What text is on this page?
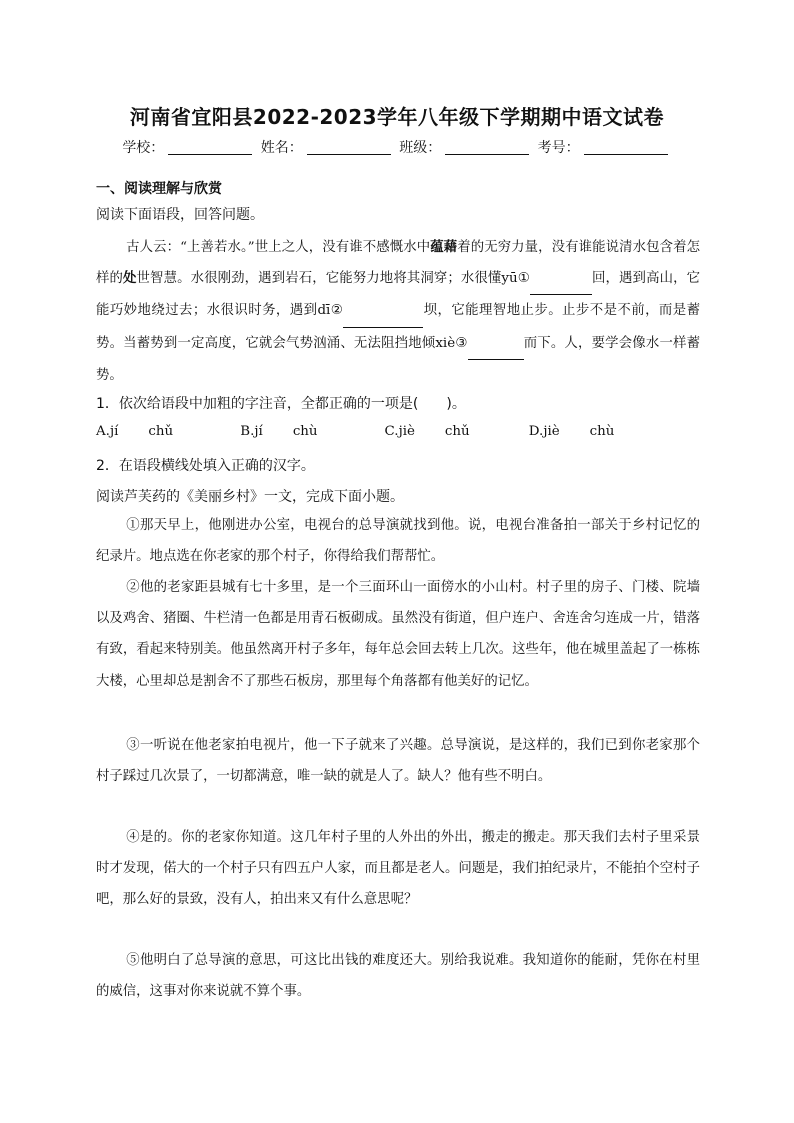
河南省宜阳县2022-2023学年八年级下学期期中语文试卷
学校：	姓名：	班级：	考号：
一、阅读理解与欣赏
阅读下面语段，回答问题。
古人云：“上善若水。”世上之人，没有谁不感慨水中蕴藉着的无穷力量，没有谁能说清水包含着怎样的处世智慧。水很刚劲，遇到岩石，它能努力地将其洞穿；水很懂yū①	回，遇到高山，它能巧妙地绕过去；水很识时务，遇到dī②	坝，它能理智地止步。止步不是不前，而是蓄势。当蓄势到一定高度，它就会气势汹涌、无法阻挡地倾xiè③	而下。人，要学会像水一样蓄势。
1．依次给语段中加粗的字注音，全都正确的一项是(　　)。
A.jí chǔ	B.jí chù	C.jiè chǔ	D.jiè chù
2．在语段横线处填入正确的汉字。
阅读芦芙药的《美丽乡村》一文，完成下面小题。
①那天早上，他刚进办公室，电视台的总导演就找到他。说，电视台准备拍一部关于乡村记忆的纪录片。地点选在你老家的那个村子，你得给我们帮帮忙。
②他的老家距县城有七十多里，是一个三面环山一面傍水的小山村。村子里的房子、门楼、院墙以及鸡舍、猪圈、牛栏清一色都是用青石板砌成。虽然没有街道，但户连户、舍连舍匀连成一片，错落有致，看起来特别美。他虽然离开村子多年，每年总会回去转上几次。这些年，他在城里盖起了一栋栋大楼，心里却总是割舍不了那些石板房，那里每个角落都有他美好的记忆。
③一听说在他老家拍电视片，他一下子就来了兴趣。总导演说，是这样的，我们已到你老家那个村子踩过几次景了，一切都满意，唯一缺的就是人了。缺人？他有些不明白。
④是的。你的老家你知道。这几年村子里的人外出的外出，搬走的搬走。那天我们去村子里采景时才发现，偌大的一个村子只有四五户人家，而且都是老人。问题是，我们拍纪录片，不能拍个空村子吧，那么好的景致，没有人，拍出来又有什么意思呢？
⑤他明白了总导演的意思，可这比出钱的难度还大。别给我说难。我知道你的能耐，凭你在村里的威信，这事对你来说就不算个事。
